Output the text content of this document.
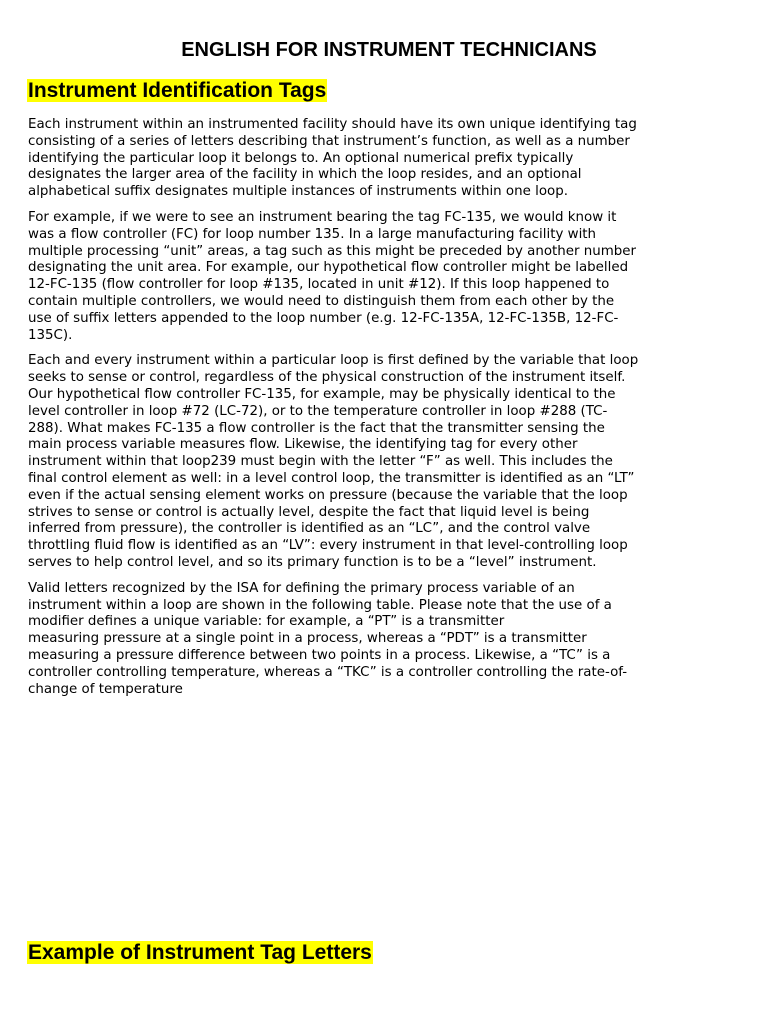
ENGLISH FOR INSTRUMENT TECHNICIANS
Instrument Identification Tags

Each instrument within an instrumented facility should have its own unique identifying tag
consisting of a series of letters describing that instrument’s function, as well as a number
identifying the particular loop it belongs to. An optional numerical prefix typically
designates the larger area of the facility in which the loop resides, and an optional
alphabetical suffix designates multiple instances of instruments within one loop.

For example, if we were to see an instrument bearing the tag FC-135, we would know it
was a flow controller (FC) for loop number 135. In a large manufacturing facility with
multiple processing “unit” areas, a tag such as this might be preceded by another number
designating the unit area. For example, our hypothetical flow controller might be labelled
12-FC-135 (flow controller for loop #135, located in unit #12). If this loop happened to
contain multiple controllers, we would need to distinguish them from each other by the
use of suffix letters appended to the loop number (e.g. 12-FC-135A, 12-FC-135B, 12-FC-
135C).

Each and every instrument within a particular loop is first defined by the variable that loop
seeks to sense or control, regardless of the physical construction of the instrument itself.
Our hypothetical flow controller FC-135, for example, may be physically identical to the
level controller in loop #72 (LC-72), or to the temperature controller in loop #288 (TC-
288). What makes FC-135 a flow controller is the fact that the transmitter sensing the
main process variable measures flow. Likewise, the identifying tag for every other
instrument within that loop239 must begin with the letter “F” as well. This includes the
final control element as well: in a level control loop, the transmitter is identified as an “LT”
even if the actual sensing element works on pressure (because the variable that the loop
strives to sense or control is actually level, despite the fact that liquid level is being
inferred from pressure), the controller is identified as an “LC”, and the control valve
throttling fluid flow is identified as an “LV”: every instrument in that level-controlling loop
serves to help control level, and so its primary function is to be a “level” instrument.

Valid letters recognized by the ISA for defining the primary process variable of an
instrument within a loop are shown in the following table. Please note that the use of a
modifier defines a unique variable: for example, a “PT” is a transmitter
measuring pressure at a single point in a process, whereas a “PDT” is a transmitter
measuring a pressure difference between two points in a process. Likewise, a “TC” is a
controller controlling temperature, whereas a “TKC” is a controller controlling the rate-of-
change of temperature

Example of Instrument Tag Letters
